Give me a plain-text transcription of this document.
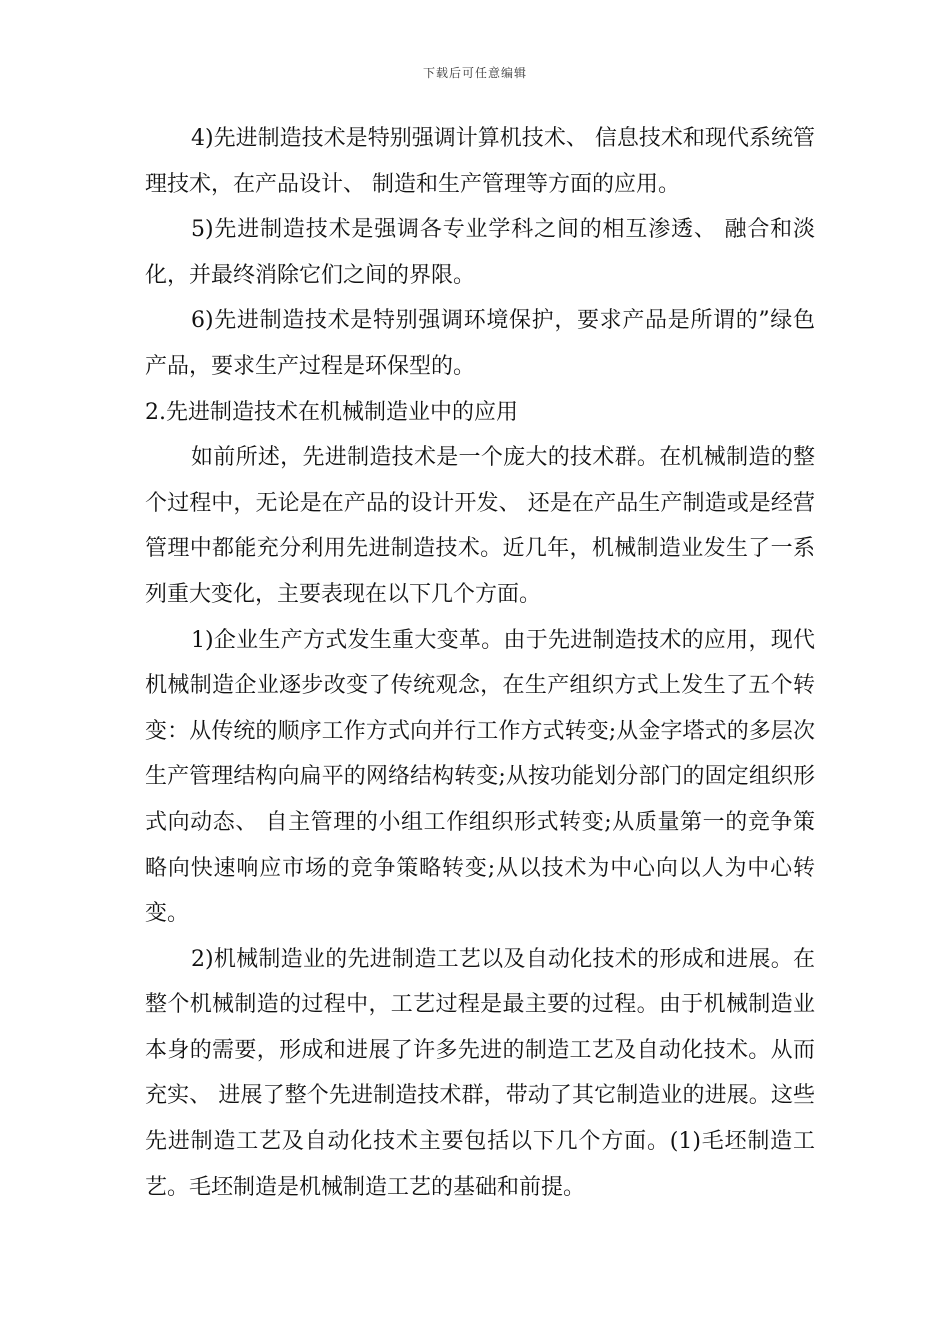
下载后可任意编辑

4)先进制造技术是特别强调计算机技术、 信息技术和现代系统管理技术，在产品设计、 制造和生产管理等方面的应用。

5)先进制造技术是强调各专业学科之间的相互渗透、 融合和淡化，并最终消除它们之间的界限。

6)先进制造技术是特别强调环境保护，要求产品是所谓的”绿色产品，要求生产过程是环保型的。

2.先进制造技术在机械制造业中的应用

如前所述，先进制造技术是一个庞大的技术群。在机械制造的整个过程中，无论是在产品的设计开发、 还是在产品生产制造或是经营管理中都能充分利用先进制造技术。近几年，机械制造业发生了一系列重大变化，主要表现在以下几个方面。

1)企业生产方式发生重大变革。由于先进制造技术的应用，现代机械制造企业逐步改变了传统观念，在生产组织方式上发生了五个转变：从传统的顺序工作方式向并行工作方式转变;从金字塔式的多层次生产管理结构向扁平的网络结构转变;从按功能划分部门的固定组织形式向动态、 自主管理的小组工作组织形式转变;从质量第一的竞争策略向快速响应市场的竞争策略转变;从以技术为中心向以人为中心转变。

2)机械制造业的先进制造工艺以及自动化技术的形成和进展。在整个机械制造的过程中，工艺过程是最主要的过程。由于机械制造业本身的需要，形成和进展了许多先进的制造工艺及自动化技术。从而充实、 进展了整个先进制造技术群，带动了其它制造业的进展。这些先进制造工艺及自动化技术主要包括以下几个方面。(1)毛坯制造工艺。毛坯制造是机械制造工艺的基础和前提。
